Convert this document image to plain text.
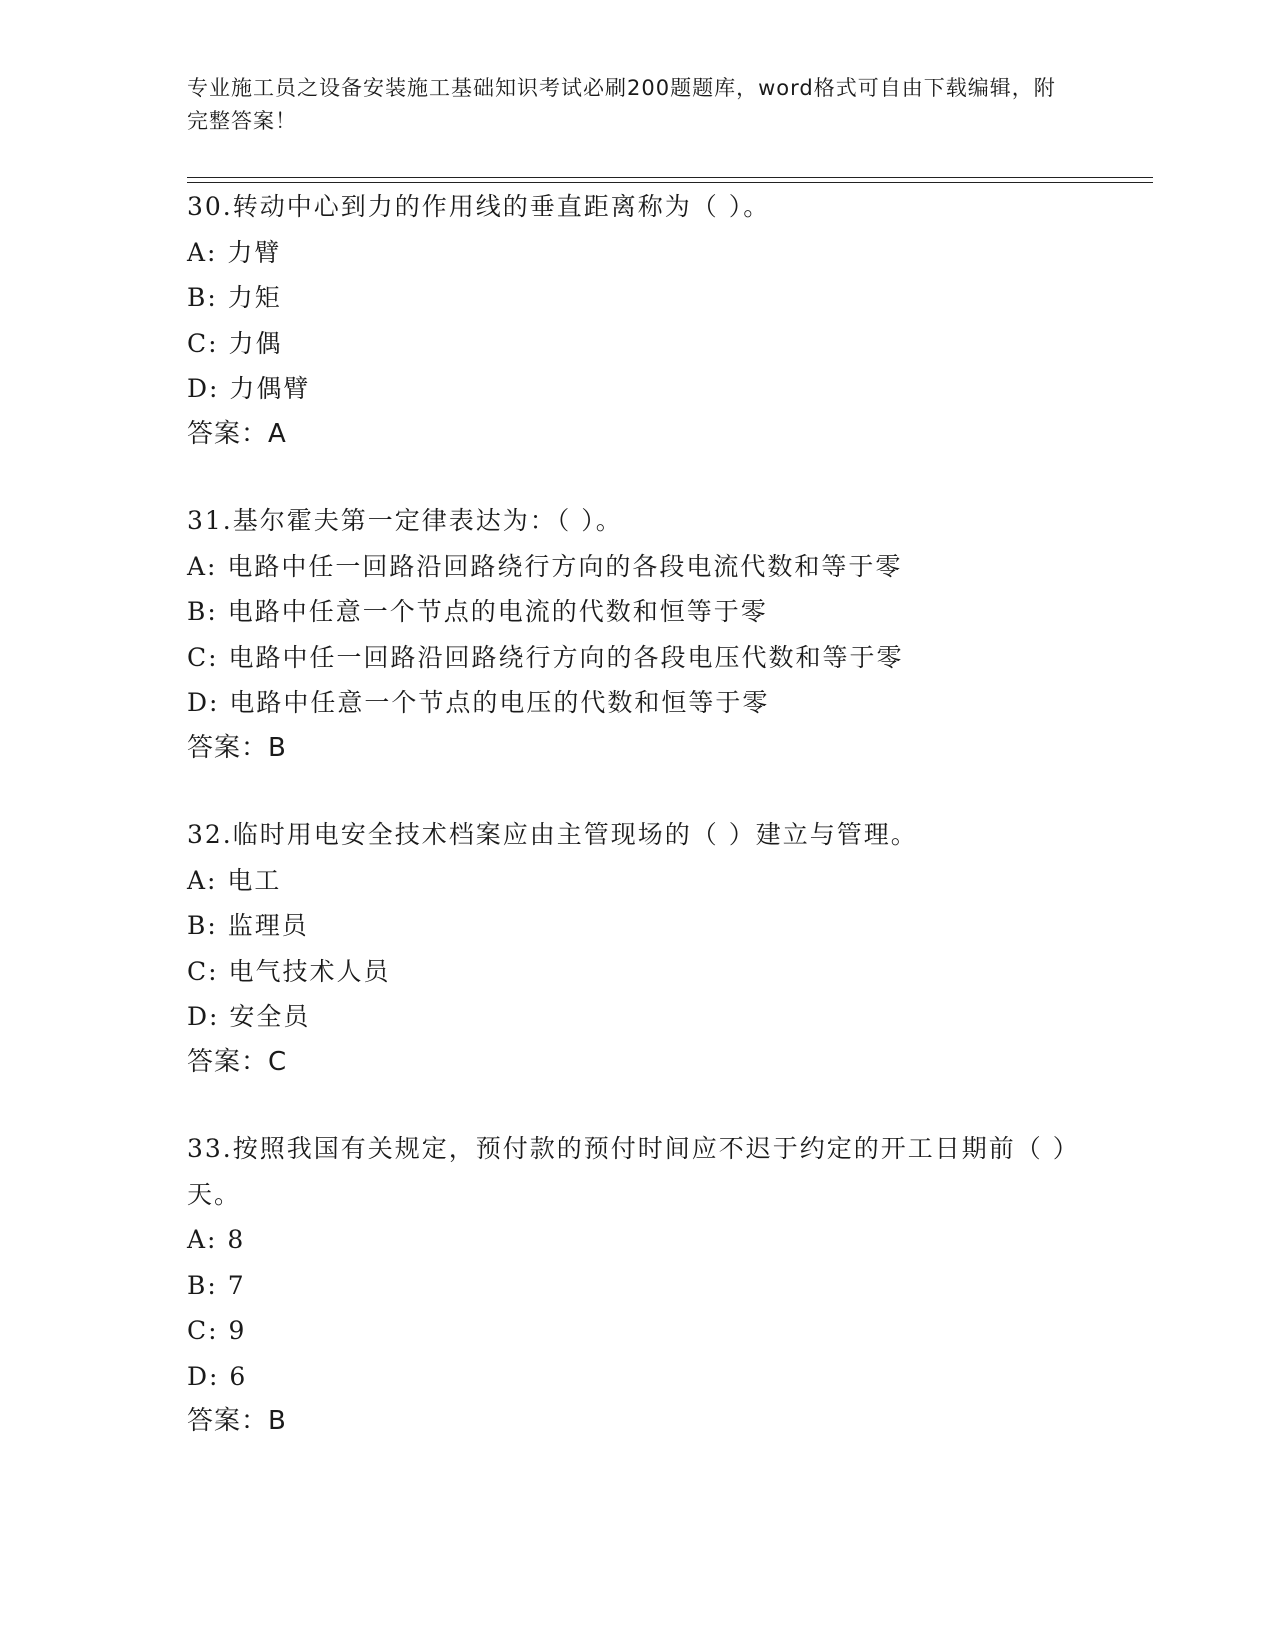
专业施工员之设备安装施工基础知识考试必刷200题题库，word格式可自由下载编辑，附完整答案！
30.转动中心到力的作用线的垂直距离称为（ ）。
A: 力臂
B: 力矩
C: 力偶
D: 力偶臂
答案：A
31.基尔霍夫第一定律表达为：（ ）。
A: 电路中任一回路沿回路绕行方向的各段电流代数和等于零
B: 电路中任意一个节点的电流的代数和恒等于零
C: 电路中任一回路沿回路绕行方向的各段电压代数和等于零
D: 电路中任意一个节点的电压的代数和恒等于零
答案：B
32.临时用电安全技术档案应由主管现场的（ ）建立与管理。
A: 电工
B: 监理员
C: 电气技术人员
D: 安全员
答案：C
33.按照我国有关规定，预付款的预付时间应不迟于约定的开工日期前（ ）天。
A: 8
B: 7
C: 9
D: 6
答案：B
